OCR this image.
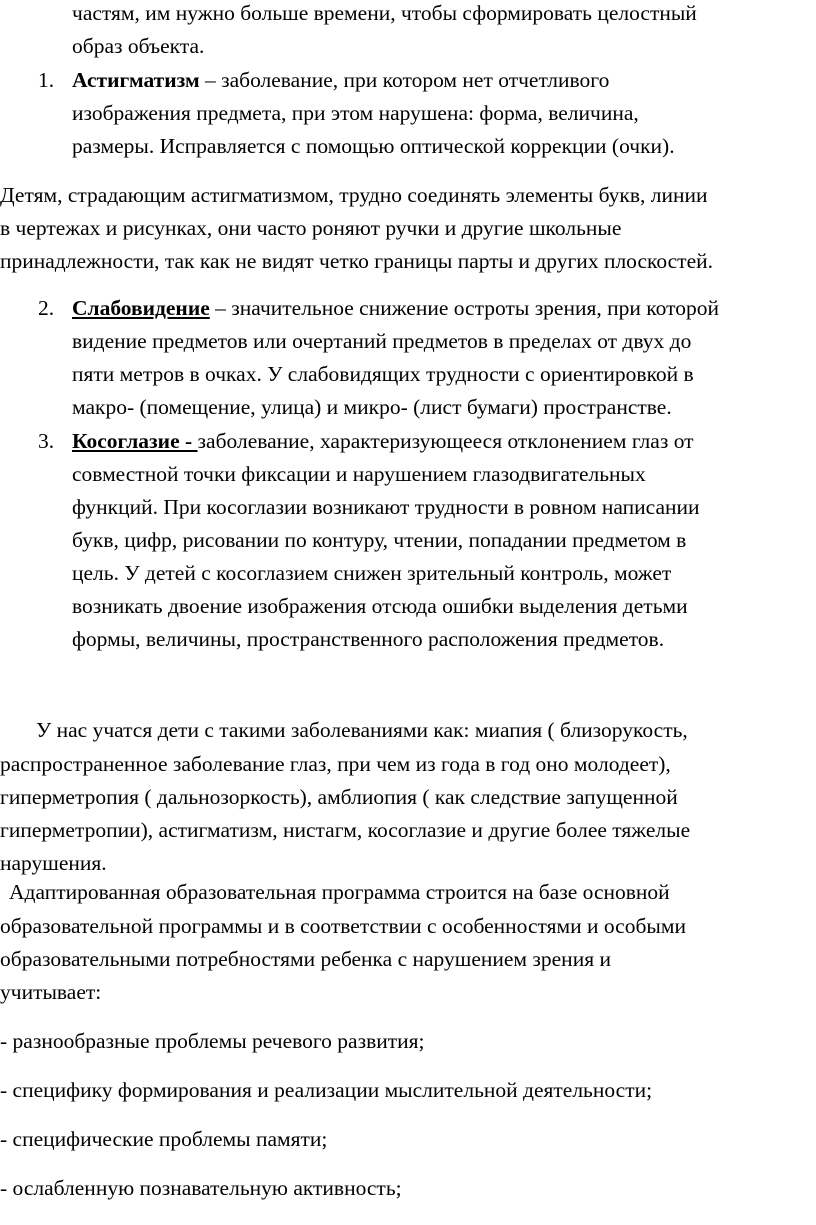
частям, им нужно больше времени, чтобы сформировать целостный
образ объекта.
1. Астигматизм – заболевание, при котором нет отчетливого
изображения предмета, при этом нарушена: форма, величина,
размеры. Исправляется с помощью оптической коррекции (очки).
Детям, страдающим астигматизмом, трудно соединять элементы букв, линии
в чертежах и рисунках, они часто роняют ручки и другие школьные
принадлежности, так как не видят четко границы парты и других плоскостей.
2. Слабовидение – значительное снижение остроты зрения, при которой
видение предметов или очертаний предметов в пределах от двух до
пяти метров в очках. У слабовидящих трудности с ориентировкой в
макро- (помещение, улица) и микро- (лист бумаги) пространстве.
3. Косоглазие - заболевание, характеризующееся отклонением глаз от
совместной точки фиксации и нарушением глазодвигательных
функций. При косоглазии возникают трудности в ровном написании
букв, цифр, рисовании по контуру, чтении, попадании предметом в
цель. У детей с косоглазием снижен зрительный контроль, может
возникать двоение изображения отсюда ошибки выделения детьми
формы, величины, пространственного расположения предметов.
У нас учатся дети с такими заболеваниями как: миапия ( близорукость,
распространенное заболевание глаз, при чем из года в год оно молодеет),
гиперметропия ( дальнозоркость), амблиопия ( как следствие запущенной
гиперметропии), астигматизм, нистагм, косоглазие и другие более тяжелые
нарушения.
Адаптированная образовательная программа строится на базе основной
образовательной программы и в соответствии с особенностями и особыми
образовательными потребностями ребенка с нарушением зрения и
учитывает:
- разнообразные проблемы речевого развития;
- специфику формирования и реализации мыслительной деятельности;
- специфические проблемы памяти;
- ослабленную познавательную активность;
